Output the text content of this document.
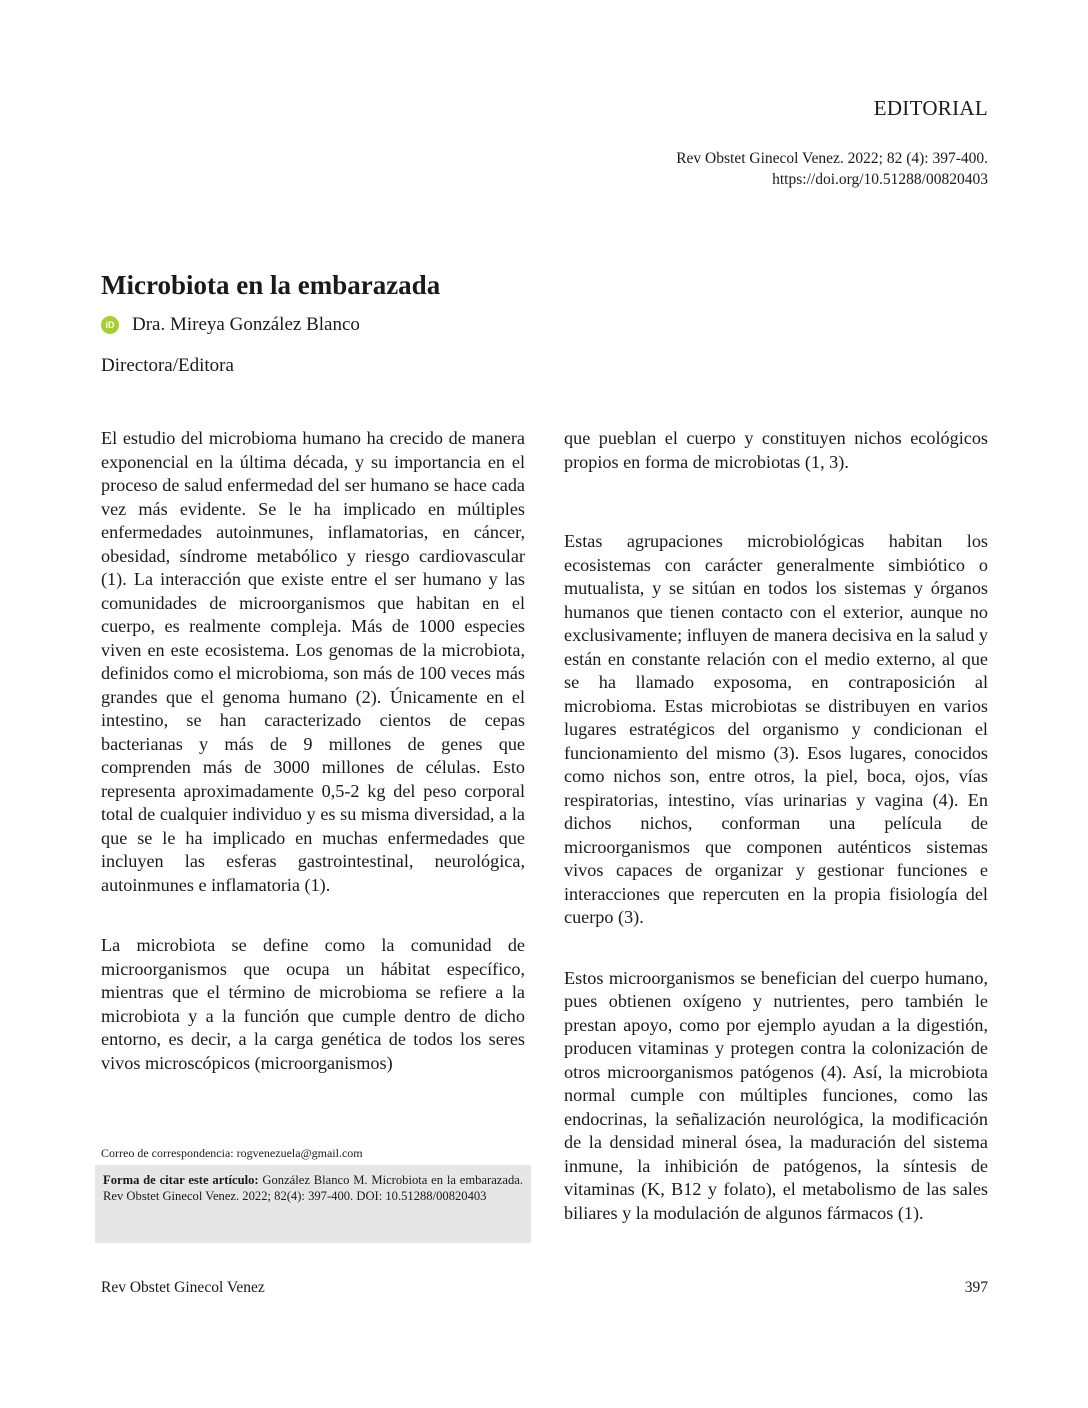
EDITORIAL
Rev Obstet Ginecol Venez. 2022; 82 (4): 397-400.
https://doi.org/10.51288/00820403
Microbiota en la embarazada
iD Dra. Mireya González Blanco
Directora/Editora

El estudio del microbioma humano ha crecido de manera exponencial en la última década, y su importancia en el proceso de salud enfermedad del ser humano se hace cada vez más evidente. Se le ha implicado en múltiples enfermedades autoinmunes, inflamatorias, en cáncer, obesidad, síndrome metabólico y riesgo cardiovascular (1). La interacción que existe entre el ser humano y las comunidades de microorganismos que habitan en el cuerpo, es realmente compleja. Más de 1000 especies viven en este ecosistema. Los genomas de la microbiota, definidos como el microbioma, son más de 100 veces más grandes que el genoma humano (2). Únicamente en el intestino, se han caracterizado cientos de cepas bacterianas y más de 9 millones de genes que comprenden más de 3000 millones de células. Esto representa aproximadamente 0,5-2 kg del peso corporal total de cualquier individuo y es su misma diversidad, a la que se le ha implicado en muchas enfermedades que incluyen las esferas gastrointestinal, neurológica, autoinmunes e inflamatoria (1).

La microbiota se define como la comunidad de microorganismos que ocupa un hábitat específico, mientras que el término de microbioma se refiere a la microbiota y a la función que cumple dentro de dicho entorno, es decir, a la carga genética de todos los seres vivos microscópicos (microorganismos)

que pueblan el cuerpo y constituyen nichos ecológicos propios en forma de microbiotas (1, 3).

Estas agrupaciones microbiológicas habitan los ecosistemas con carácter generalmente simbiótico o mutualista, y se sitúan en todos los sistemas y órganos humanos que tienen contacto con el exterior, aunque no exclusivamente; influyen de manera decisiva en la salud y están en constante relación con el medio externo, al que se ha llamado exposoma, en contraposición al microbioma. Estas microbiotas se distribuyen en varios lugares estratégicos del organismo y condicionan el funcionamiento del mismo (3). Esos lugares, conocidos como nichos son, entre otros, la piel, boca, ojos, vías respiratorias, intestino, vías urinarias y vagina (4). En dichos nichos, conforman una película de microorganismos que componen auténticos sistemas vivos capaces de organizar y gestionar funciones e interacciones que repercuten en la propia fisiología del cuerpo (3).

Estos microorganismos se benefician del cuerpo humano, pues obtienen oxígeno y nutrientes, pero también le prestan apoyo, como por ejemplo ayudan a la digestión, producen vitaminas y protegen contra la colonización de otros microorganismos patógenos (4). Así, la microbiota normal cumple con múltiples funciones, como las endocrinas, la señalización neurológica, la modificación de la densidad mineral ósea, la maduración del sistema inmune, la inhibición de patógenos, la síntesis de vitaminas (K, B12 y folato), el metabolismo de las sales biliares y la modulación de algunos fármacos (1).

Correo de correspondencia: rogvenezuela@gmail.com
Forma de citar este artículo: González Blanco M. Microbiota en la embarazada. Rev Obstet Ginecol Venez. 2022; 82(4): 397-400. DOI: 10.51288/00820403
Rev Obstet Ginecol Venez	397
